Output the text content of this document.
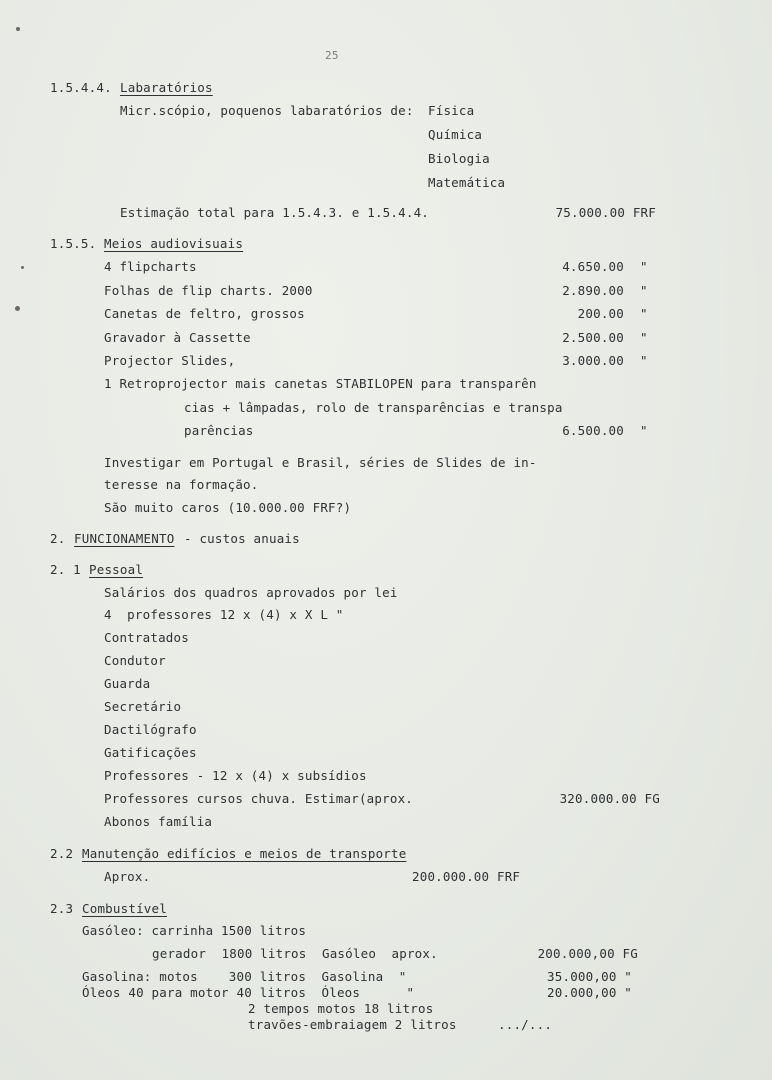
25
1.5.4.4. Labaratórios
Micr.scópio, poquenos labaratórios de: Física
Química
Biologia
Matemática
Estimação total para 1.5.4.3. e 1.5.4.4.	75.000.00 FRF
1.5.5. Meios audiovisuais
4 flipcharts	4.650.00 "
Folhas de flip charts. 2000	2.890.00 "
Canetas de feltro, grossos	200.00 "
Gravador à Cassette	2.500.00 "
Projector Slides,	3.000.00 "
1 Retroprojector mais canetas STABILOPEN para transparên
cias + lâmpadas, rolo de transparências e transpa
parências	6.500.00 "
Investigar em Portugal e Brasil, séries de Slides de in-
teresse na formação.
São muito caros (10.000.00 FRF?)
2. FUNCIONAMENTO - custos anuais
2. 1 Pessoal
Salários dos quadros aprovados por lei
4  professores 12 x (4) x X L "
Contratados
Condutor
Guarda
Secretário
Dactilógrafo
Gatificações
Professores - 12 x (4) x subsídios
Professores cursos chuva. Estimar(aprox.	320.000.00 FG
Abonos família
2.2 Manutenção edifícios e meios de transporte
Aprox.	200.000.00 FRF
2.3 Combustível
Gasóleo: carrinha 1500 litros
gerador  1800 litros  Gasóleo  aprox.	200.000,00 FG
Gasolina: motos    300 litros  Gasolina  "	35.000,00 "
Óleos 40 para motor 40 litros  Óleos      "	20.000,00 "
2 tempos motos 18 litros
travões-embraiagem 2 litros	.../...
